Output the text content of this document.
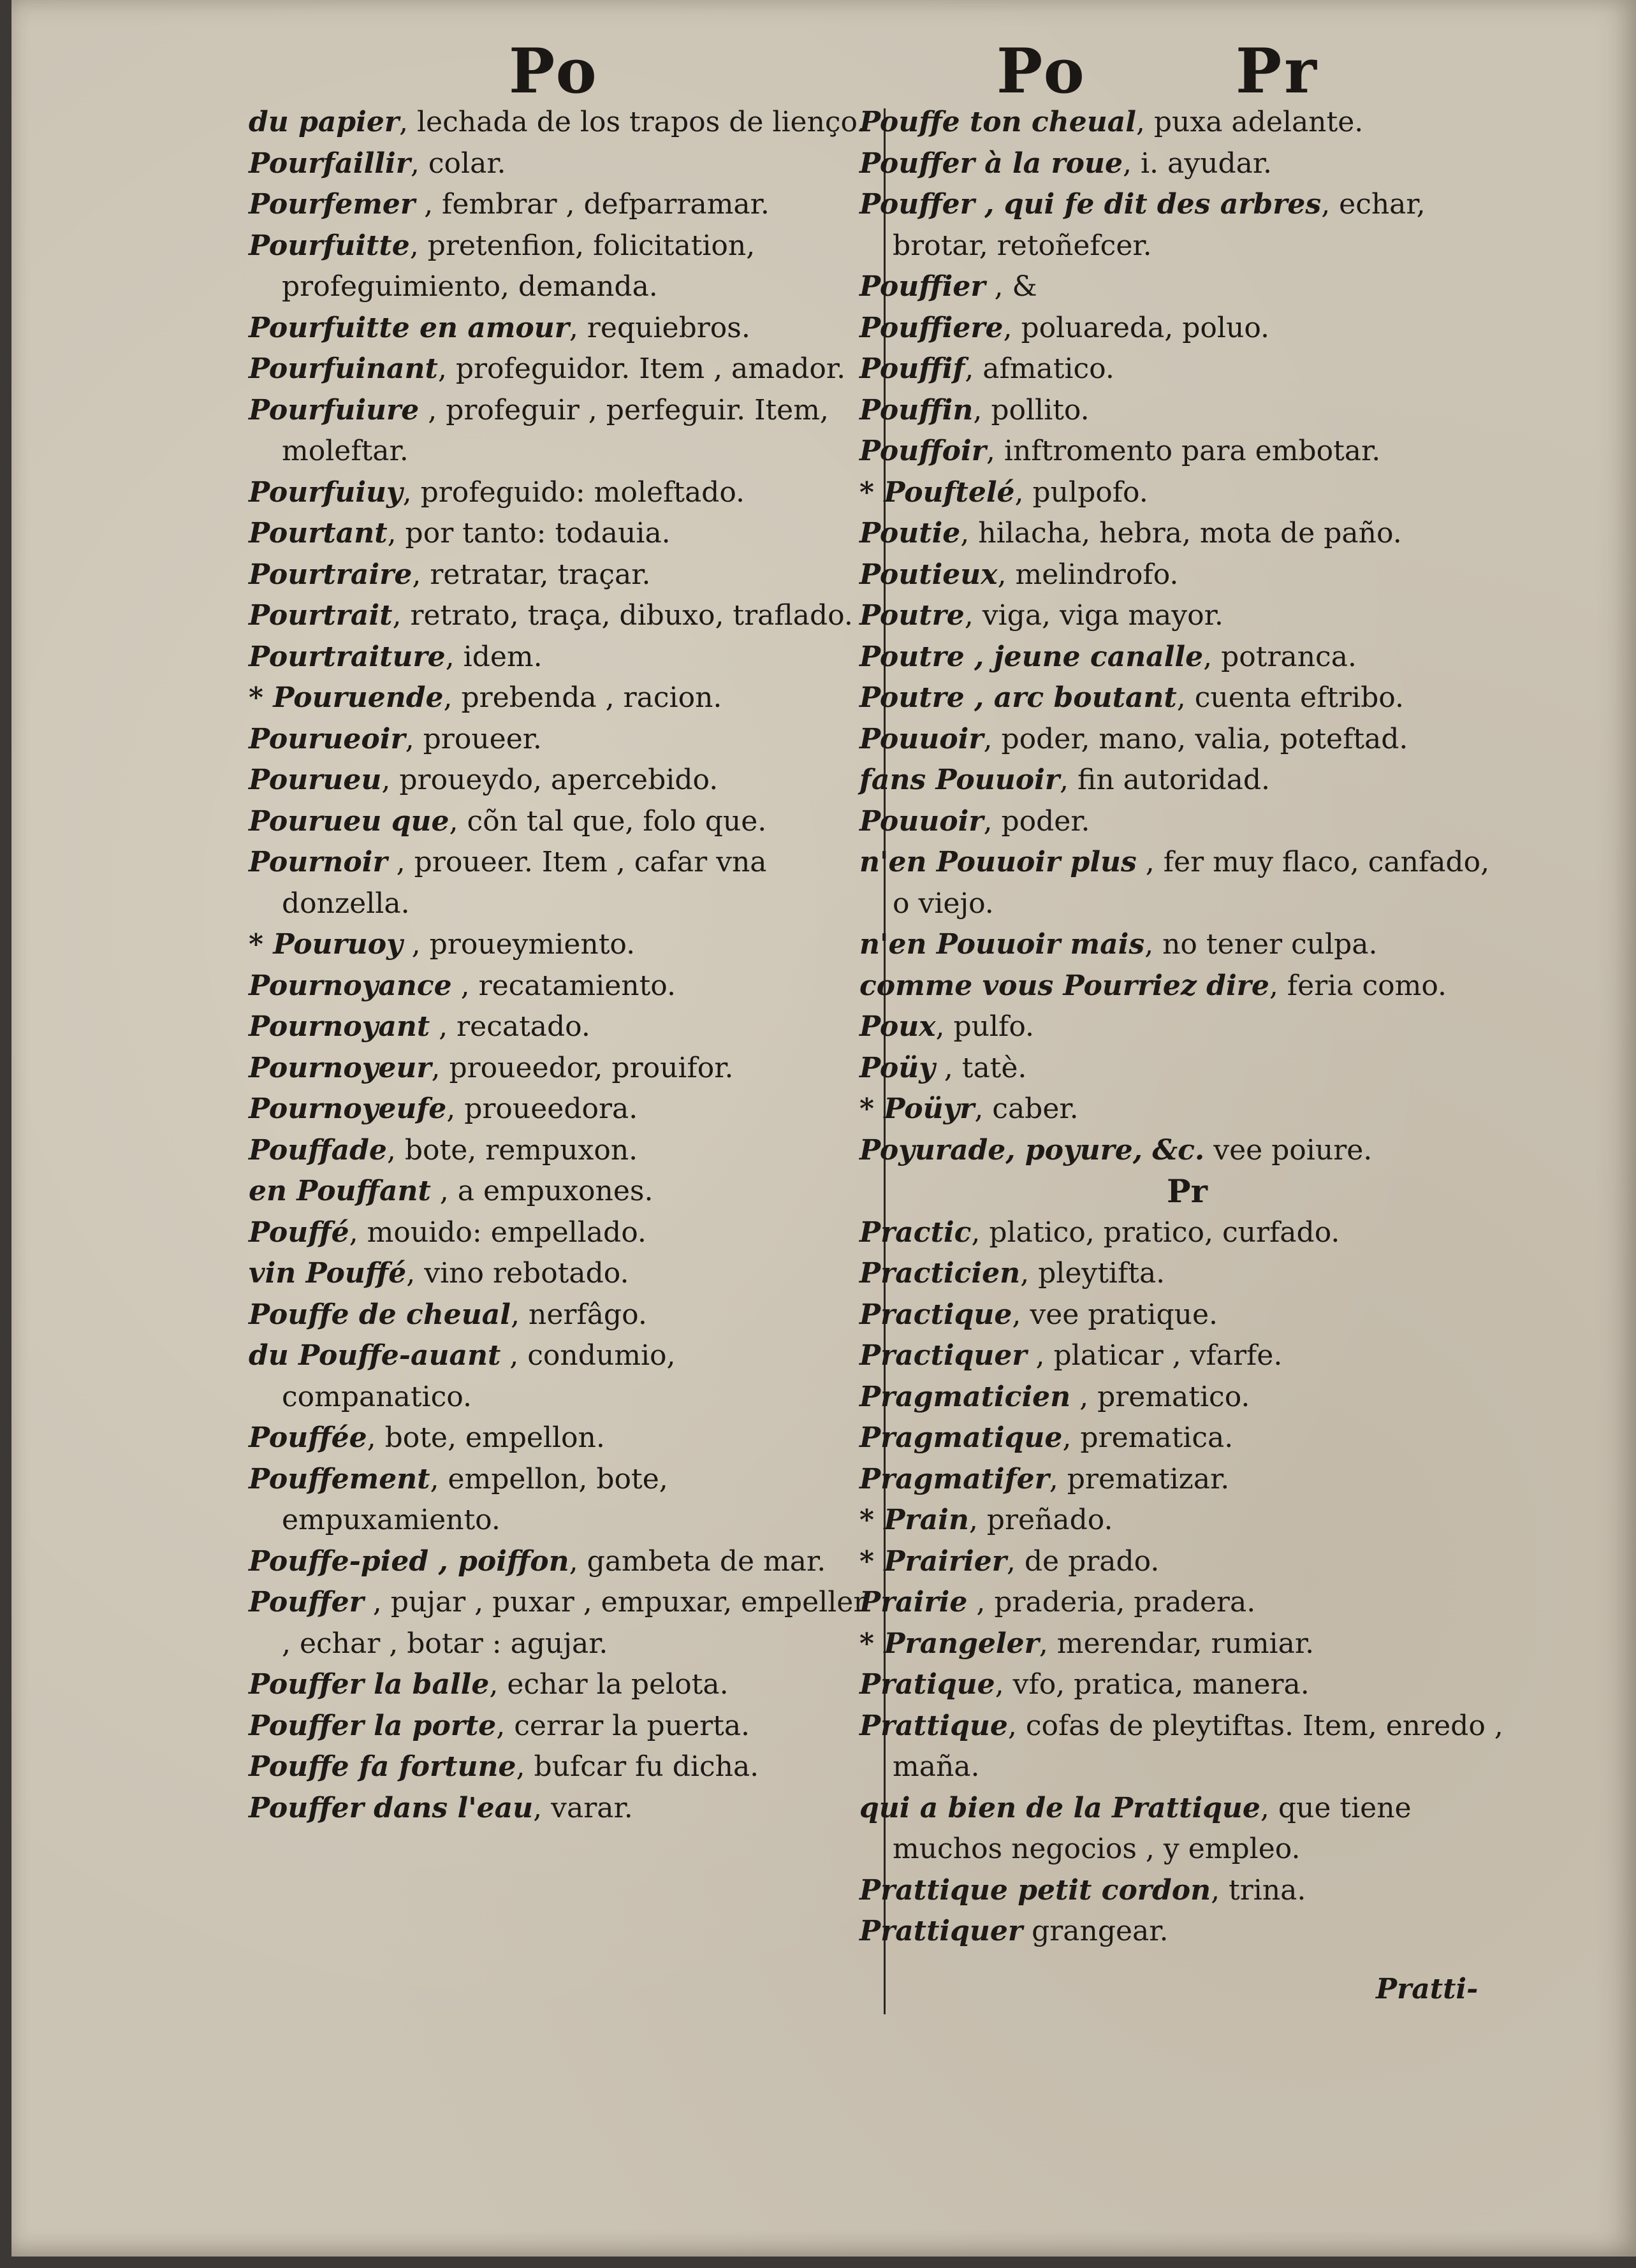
Po	Po Pr
du papier, lechada de los trapos de lienço.
Pourfaillir, colar.
Pourfemer , fembrar , defparramar.
Pourfuitte, pretenfion, folicitation, profeguimiento, demanda.
Pourfuitte en amour, requiebros.
Pourfuinant, profeguidor. Item , amador.
Pourfuiure , profeguir , perfeguir. Item, moleftar.
Pourfuiuy, profeguido: moleftado.
Pourtant, por tanto: todauia.
Pourtraire, retratar, traçar.
Pourtrait, retrato, traça, dibuxo, traflado.
Pourtraiture, idem.
* Pouruende, prebenda , racion.
Pourueoir, proueer.
Pourueu, proueydo, apercebido.
Pourueu que, cõn tal que, folo que.
Pournoir , proueer. Item , cafar vna donzella.
* Pouruoy , proueymiento.
Pournoyance , recatamiento.
Pournoyant , recatado.
Pournoyeur, proueedor, prouifor.
Pournoyeufe, proueedora.
Pouffade, bote, rempuxon.
en Pouffant , a empuxones.
Pouffé, mouido: empellado.
vin Pouffé, vino rebotado.
Pouffe de cheual, nerfâgo.
du Pouffe-auant , condumio, companatico.
Pouffée, bote, empellon.
Pouffement, empellon, bote, empuxamiento.
Pouffe-pied , poiffon, gambeta de mar.
Pouffer , pujar , puxar , empuxar, empeller , echar , botar : agujar.
Pouffer la balle, echar la pelota.
Pouffer la porte, cerrar la puerta.
Pouffe fa fortune, bufcar fu dicha.
Pouffer dans l'eau, varar.
Pouffe ton cheual, puxa adelante.
Pouffer à la roue, i. ayudar.
Pouffer , qui fe dit des arbres, echar, brotar, retoñefcer.
Pouffier , &
Pouffiere, poluareda, poluo.
Pouffif, afmatico.
Pouffin, pollito.
Pouffoir, inftromento para embotar.
* Pouftelé, pulpofo.
Poutie, hilacha, hebra, mota de paño.
Poutieux, melindrofo.
Poutre, viga, viga mayor.
Poutre , jeune canalle, potranca.
Poutre , arc boutant, cuenta eftribo.
Pouuoir, poder, mano, valia, poteftad.
fans Pouuoir, fin autoridad.
Pouuoir, poder.
n'en Pouuoir plus , fer muy flaco, canfado, o viejo.
n'en Pouuoir mais, no tener culpa.
comme vous Pourriez dire, feria como.
Poux, pulfo.
Poüy , tatè.
* Poüyr, caber.
Poyurade, poyure, &c. vee poiure.
Pr
Practic, platico, pratico, curfado.
Practicien, pleytifta.
Practique, vee pratique.
Practiquer , platicar , vfarfe.
Pragmaticien , prematico.
Pragmatique, prematica.
Pragmatifer, prematizar.
* Prain, preñado.
* Prairier, de prado.
Prairie , praderia, pradera.
* Prangeler, merendar, rumiar.
Pratique, vfo, pratica, manera.
Prattique, cofas de pleytiftas. Item, enredo , maña.
qui a bien de la Prattique, que tiene muchos negocios , y empleo.
Prattique petit cordon, trina.
Prattiquer grangear.
Pratti-
